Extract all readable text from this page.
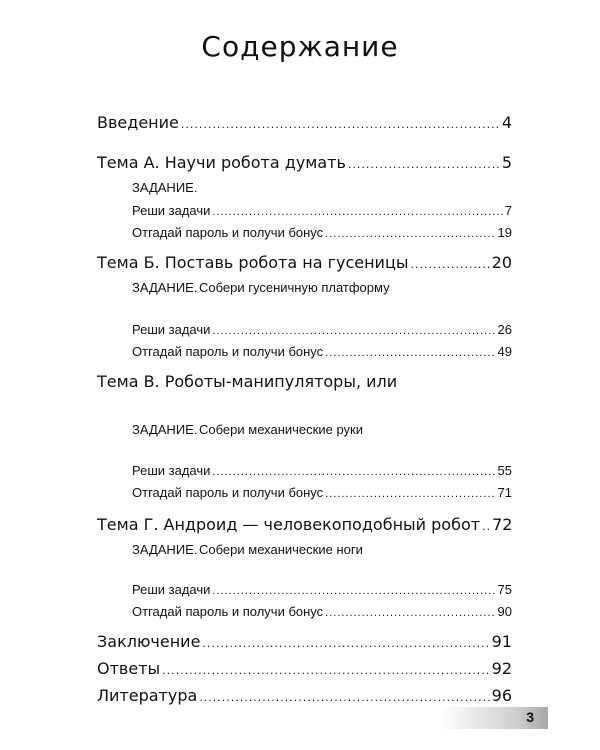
Содержание
Введение .....	4
Тема А. Научи робота думать .....	5
ЗАДАНИЕ.
Реши задачи .....	7
Отгадай пароль и получи бонус .....	19
Тема Б. Поставь робота на гусеницы .....	20
ЗАДАНИЕ. Собери гусеничную платформу
Реши задачи .....	26
Отгадай пароль и получи бонус .....	49
Тема В. Роботы-манипуляторы, или
ЗАДАНИЕ. Собери механические руки
Реши задачи .....	55
Отгадай пароль и получи бонус .....	71
Тема Г. Андроид — человекоподобный робот ..... 72
ЗАДАНИЕ. Собери механические ноги
Реши задачи .....	75
Отгадай пароль и получи бонус .....	90
Заключение .....	91
Ответы .....	92
Литература .....	96
3
